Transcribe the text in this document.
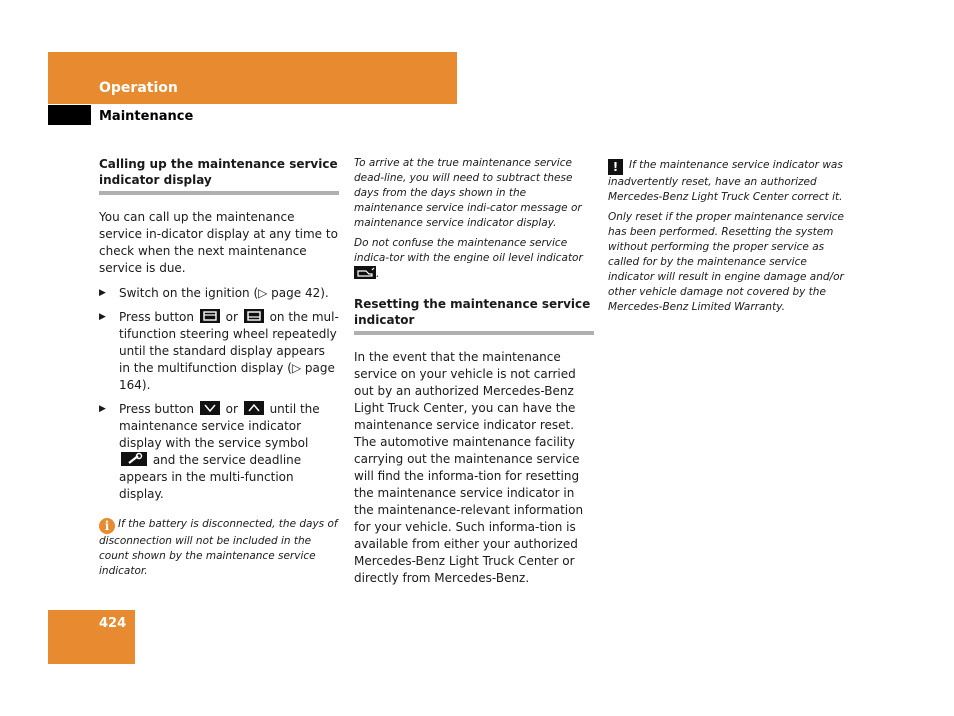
Operation
Maintenance
Calling up the maintenance service indicator display

You can call up the maintenance service in-dicator display at any time to check when the next maintenance service is due.

▶ Switch on the ignition (▷ page 42).
▶ Press button	or	on the mul-tifunction steering wheel repeatedly until the standard display appears in the multifunction display (▷ page 164).
▶ Press button	or	until the maintenance service indicator display with the service symbol
and the service deadline appears in the multi-function display.

i If the battery is disconnected, the days of disconnection will not be included in the count shown by the maintenance service indicator.

To arrive at the true maintenance service dead-line, you will need to subtract these days from the days shown in the maintenance service indi-cator message or maintenance service indicator display.

Do not confuse the maintenance service indica-tor with the engine oil level indicator .

Resetting the maintenance service indicator

In the event that the maintenance service on your vehicle is not carried out by an authorized Mercedes-Benz Light Truck Center, you can have the maintenance service indicator reset. The automotive maintenance facility carrying out the maintenance service will find the informa-tion for resetting the maintenance service indicator in the maintenance-relevant information for your vehicle. Such informa-tion is available from either your authorized Mercedes-Benz Light Truck Center or directly from Mercedes-Benz.

! If the maintenance service indicator was inadvertently reset, have an authorized Mercedes-Benz Light Truck Center correct it.

Only reset if the proper maintenance service has been performed. Resetting the system without performing the proper service as called for by the maintenance service indicator will result in engine damage and/or other vehicle damage not covered by the Mercedes-Benz Limited Warranty.

424
